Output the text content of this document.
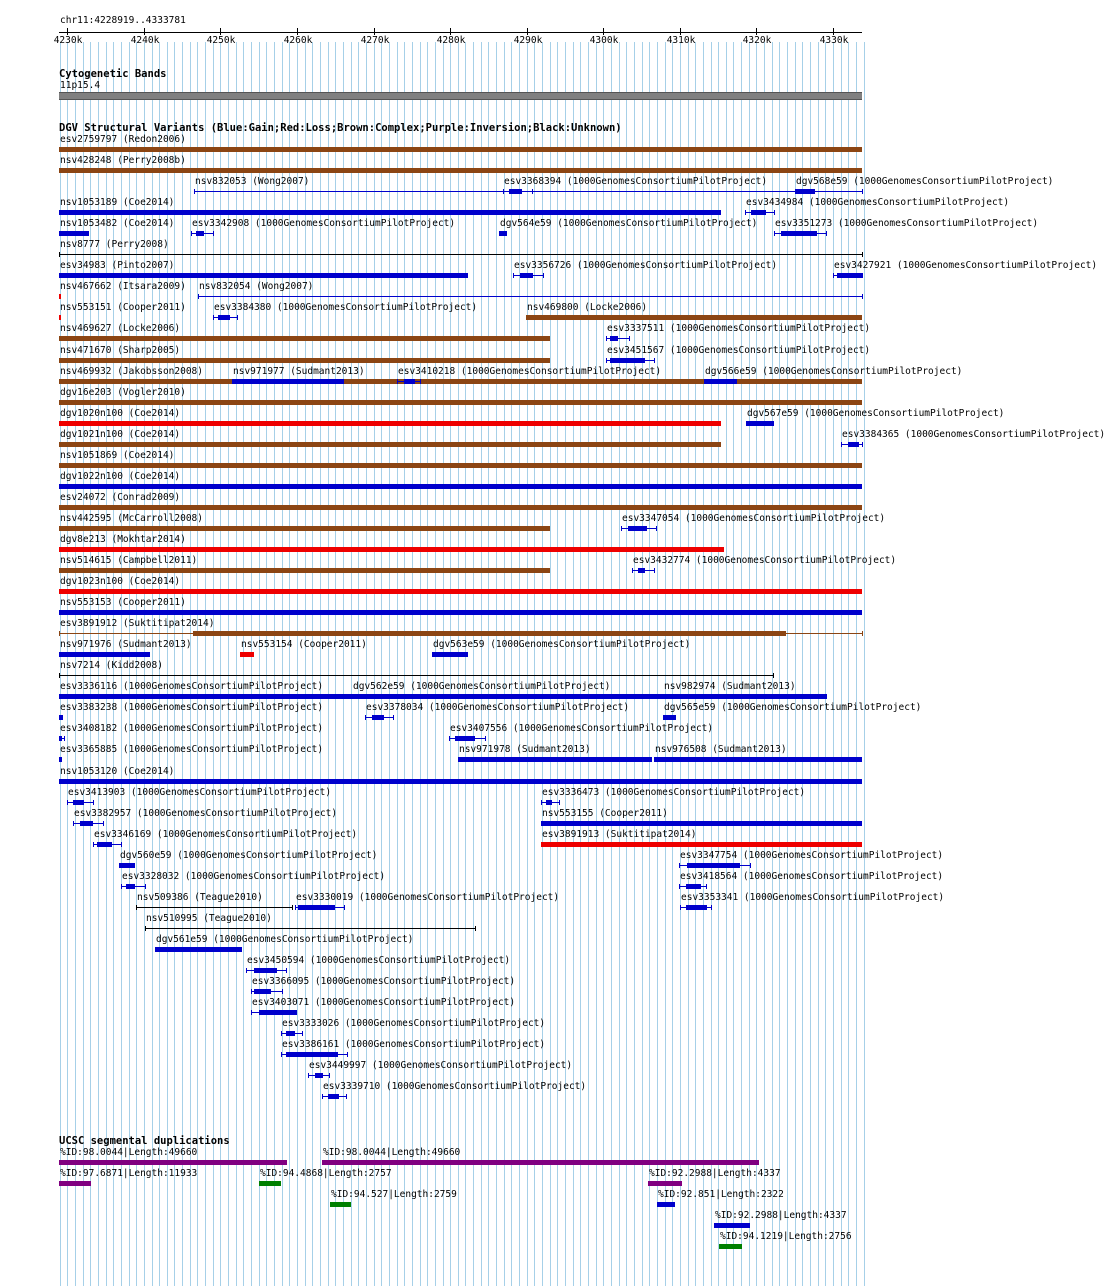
chr11:4228919..4333781
4230k	4240k	4250k	4260k	4270k	4280k	4290k	4300k	4310k	4320k	4330k
Cytogenetic Bands
11p15.4
DGV Structural Variants (Blue:Gain;Red:Loss;Brown:Complex;Purple:Inversion;Black:Unknown)
UCSC segmental duplications
esv2759797 (Redon2006)
nsv428248 (Perry2008b)
nsv832053 (Wong2007)	esv3368394 (1000GenomesConsortiumPilotProject)	dgv568e59 (1000GenomesConsortiumPilotProject)
nsv1053189 (Coe2014)	esv3434984 (1000GenomesConsortiumPilotProject)
nsv1053482 (Coe2014) esv3342908 (1000GenomesConsortiumPilotProject)	dgv564e59 (1000GenomesConsortiumPilotProject) esv3351273 (1000GenomesConsortiumPilotProject)
nsv8777 (Perry2008)
esv34983 (Pinto2007)	esv3356726 (1000GenomesConsortiumPilotProject)	esv3427921 (1000GenomesConsortiumPilotProject)
nsv467662 (Itsara2009) nsv832054 (Wong2007)
nsv553151 (Cooper2011)	esv3384380 (1000GenomesConsortiumPilotProject)	nsv469800 (Locke2006)
nsv469627 (Locke2006)	esv3337511 (1000GenomesConsortiumPilotProject)
nsv471670 (Sharp2005)	esv3451567 (1000GenomesConsortiumPilotProject)
nsv469932 (Jakobsson2008)	nsv971977 (Sudmant2013)	esv3410218 (1000GenomesConsortiumPilotProject)	dgv566e59 (1000GenomesConsortiumPilotProject)
dgv16e203 (Vogler2010)
dgv1020n100 (Coe2014)	dgv567e59 (1000GenomesConsortiumPilotProject)
dgv1021n100 (Coe2014)	esv3384365 (1000GenomesConsortiumPilotProject)
nsv1051869 (Coe2014)
dgv1022n100 (Coe2014)
esv24072 (Conrad2009)
nsv442595 (McCarroll2008)	esv3347054 (1000GenomesConsortiumPilotProject)
dgv8e213 (Mokhtar2014)
nsv514615 (Campbell2011)	esv3432774 (1000GenomesConsortiumPilotProject)
dgv1023n100 (Coe2014)
nsv553153 (Cooper2011)
esv3891912 (Suktitipat2014)
nsv971976 (Sudmant2013)	nsv553154 (Cooper2011)	dgv563e59 (1000GenomesConsortiumPilotProject)
nsv7214 (Kidd2008)
esv3336116 (1000GenomesConsortiumPilotProject)	dgv562e59 (1000GenomesConsortiumPilotProject)	nsv982974 (Sudmant2013)
esv3383238 (1000GenomesConsortiumPilotProject)	esv3378034 (1000GenomesConsortiumPilotProject)	dgv565e59 (1000GenomesConsortiumPilotProject)
esv3408182 (1000GenomesConsortiumPilotProject)	esv3407556 (1000GenomesConsortiumPilotProject)
esv3365885 (1000GenomesConsortiumPilotProject)	nsv971978 (Sudmant2013)	nsv976508 (Sudmant2013)
nsv1053120 (Coe2014)
esv3413903 (1000GenomesConsortiumPilotProject)	esv3336473 (1000GenomesConsortiumPilotProject)
esv3382957 (1000GenomesConsortiumPilotProject)	nsv553155 (Cooper2011)
esv3346169 (1000GenomesConsortiumPilotProject)	esv3891913 (Suktitipat2014)
dgv560e59 (1000GenomesConsortiumPilotProject)	esv3347754 (1000GenomesConsortiumPilotProject)
esv3328032 (1000GenomesConsortiumPilotProject)	esv3418564 (1000GenomesConsortiumPilotProject)
nsv509386 (Teague2010)	esv3330019 (1000GenomesConsortiumPilotProject)	esv3353341 (1000GenomesConsortiumPilotProject)
nsv510995 (Teague2010)
dgv561e59 (1000GenomesConsortiumPilotProject)
esv3450594 (1000GenomesConsortiumPilotProject)
esv3366095 (1000GenomesConsortiumPilotProject)
esv3403071 (1000GenomesConsortiumPilotProject)
esv3333026 (1000GenomesConsortiumPilotProject)
esv3386161 (1000GenomesConsortiumPilotProject)
esv3449997 (1000GenomesConsortiumPilotProject)
esv3339710 (1000GenomesConsortiumPilotProject)
%ID:98.0044|Length:49660	%ID:98.0044|Length:49660
%ID:97.6871|Length:11933	%ID:94.4868|Length:2757	%ID:92.2988|Length:4337
%ID:94.527|Length:2759	%ID:92.851|Length:2322
%ID:92.2988|Length:4337
%ID:94.1219|Length:2756
